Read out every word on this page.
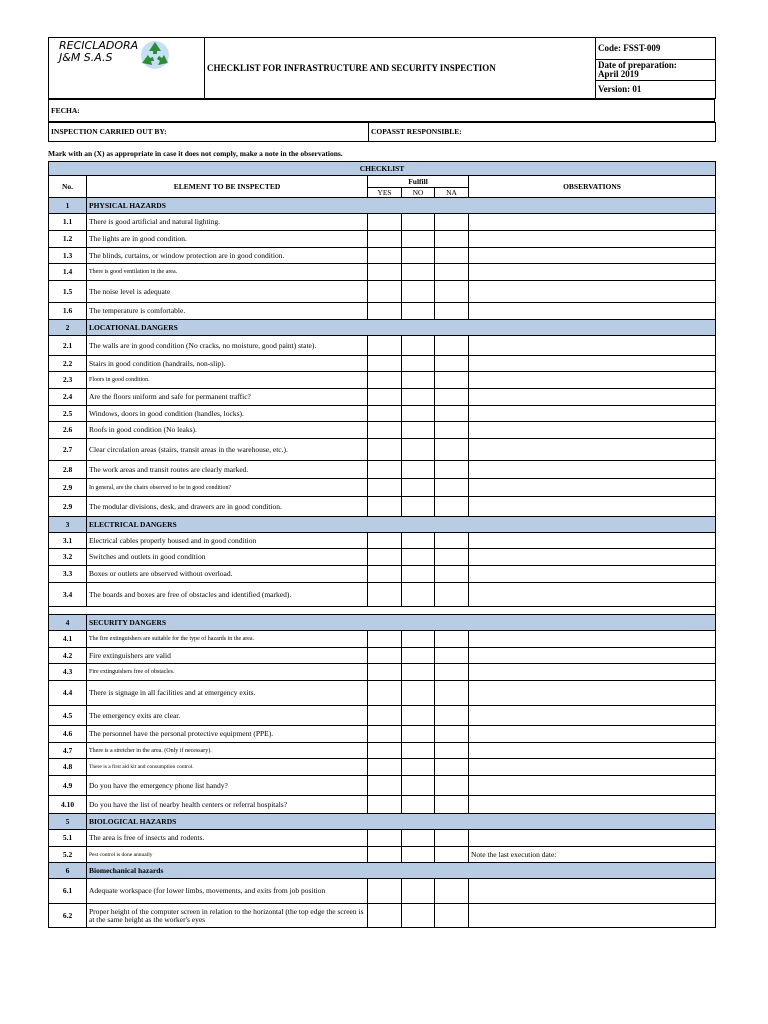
RECICLADORA
J&M S.A.S
	CHECKLIST FOR INFRASTRUCTURE AND SECURITY INSPECTION	Code: FSST-009

Date of preparation:
April 2019

Version: 01
FECHA:
INSPECTION CARRIED OUT BY:	COPASST RESPONSIBLE:
Mark with an (X) as appropriate in case it does not comply, make a note in the observations.
CHECKLIST					
No.	ELEMENT TO BE INSPECTED	Fulfill			OBSERVATIONS
		YES	NO	NA	
1	PHYSICAL HAZARDS				
1.1	There is good artificial and natural lighting.				
1.2	The lights are in good condition.				
1.3	The blinds, curtains, or window protection are in good condition.				
1.4	There is good ventilation in the area.				
1.5	The noise level is adequate				
1.6	The temperature is comfortable.				
2	LOCATIONAL DANGERS				
2.1	The walls are in good condition (No cracks, no moisture, good paint) state).				
2.2	Stairs in good condition (handrails, non-slip).				
2.3	Floors in good condition.				
2.4	Are the floors uniform and safe for permanent traffic?				
2.5	Windows, doors in good condition (handles, locks).				
2.6	Roofs in good condition (No leaks).				
2.7	Clear circulation areas (stairs, transit areas in the warehouse, etc.).				
2.8	The work areas and transit routes are clearly marked.				
2.9	In general, are the chairs observed to be in good condition?				
2.9	The modular divisions, desk, and drawers are in good condition.				
3	ELECTRICAL DANGERS				
3.1	Electrical cables properly housed and in good condition				
3.2	Switches and outlets in good condition				
3.3	Boxes or outlets are observed without overload.				
3.4	The boards and boxes are free of obstacles and identified (marked).				

4	SECURITY DANGERS				
4.1	The fire extinguishers are suitable for the type of hazards in the area.				
4.2	Fire extinguishers are valid				
4.3	Fire extinguishers free of obstacles.				
4.4	There is signage in all facilities and at emergency exits.				
4.5	The emergency exits are clear.				
4.6	The personnel have the personal protective equipment (PPE).				
4.7	There is a stretcher in the area. (Only if necessary).				
4.8	There is a first aid kit and consumption control.				
4.9	Do you have the emergency phone list handy?				
4.10	Do you have the list of nearby health centers or referral hospitals?				
5	BIOLOGICAL HAZARDS				
5.1	The area is free of insects and rodents.				
5.2	Pest control is done annually				Note the last execution date:
6	Biomechanical hazards				
6.1	Adequate workspace (for lower limbs, movements, and exits from job position				
6.2	Proper height of the computer screen in relation to the horizontal (the top edge the screen is at the same height as the worker's eyes				
